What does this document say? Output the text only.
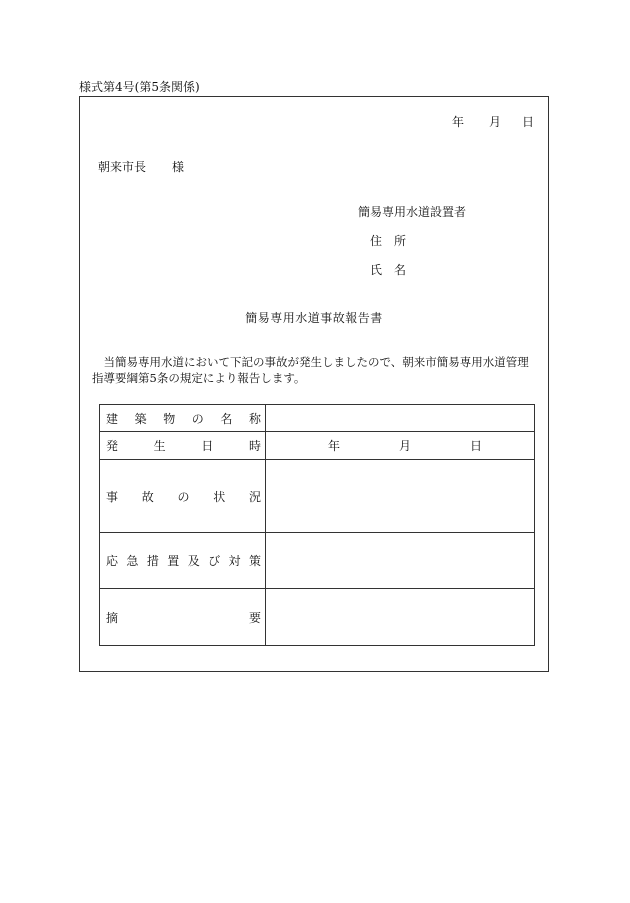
様式第4号(第5条関係)
年 月 日
朝来市長 様
簡易専用水道設置者
住　所
氏　名
簡易専用水道事故報告書
当簡易専用水道において下記の事故が発生しましたので、朝来市簡易専用水道管理指導要綱第5条の規定により報告します。
建築物の名称	
発生日時	年 月 日

事故の状況	
応急措置及び対策	
摘要	
